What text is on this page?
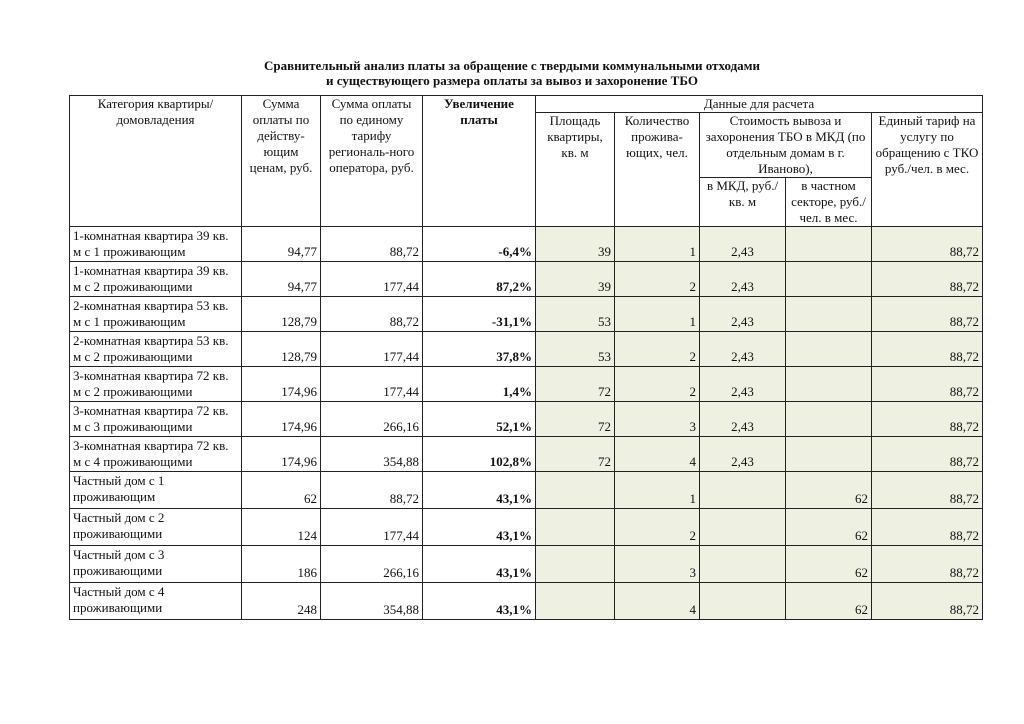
Сравнительный анализ платы за обращение с твердыми коммунальными отходами
и существующего размера оплаты за вывоз и захоронение ТБО
Категория квартиры/ домовладения	Сумма оплаты по действу-ющим ценам, руб.	Сумма оплаты по единому тарифу региональ-ного оператора, руб.	Увеличение платы	Данные для расчета				
				Площадь квартиры, кв. м	Количество прожива-ющих, чел.	Стоимость вывоза и захоронения ТБО в МКД (по отдельным домам в г. Иваново),		Единый тариф на услугу по обращению с ТКО руб./чел. в мес.
						в МКД, руб./кв. м	в частном секторе, руб./чел. в мес.	
1-комнатная квартира 39 кв. м с 1 проживающим	94,77	88,72	-6,4%	39	1	2,43		88,72
1-комнатная квартира 39 кв. м с 2 проживающими	94,77	177,44	87,2%	39	2	2,43		88,72
2-комнатная квартира 53 кв. м с 1 проживающим	128,79	88,72	-31,1%	53	1	2,43		88,72
2-комнатная квартира 53 кв. м с 2 проживающими	128,79	177,44	37,8%	53	2	2,43		88,72
3-комнатная квартира 72 кв. м с 2 проживающими	174,96	177,44	1,4%	72	2	2,43		88,72
3-комнатная квартира 72 кв. м с 3 проживающими	174,96	266,16	52,1%	72	3	2,43		88,72
3-комнатная квартира 72 кв. м с 4 проживающими	174,96	354,88	102,8%	72	4	2,43		88,72
Частный дом с 1 проживающим	62	88,72	43,1%		1		62	88,72
Частный дом с 2 проживающими	124	177,44	43,1%		2		62	88,72
Частный дом с 3 проживающими	186	266,16	43,1%		3		62	88,72
Частный дом с 4 проживающими	248	354,88	43,1%		4		62	88,72
